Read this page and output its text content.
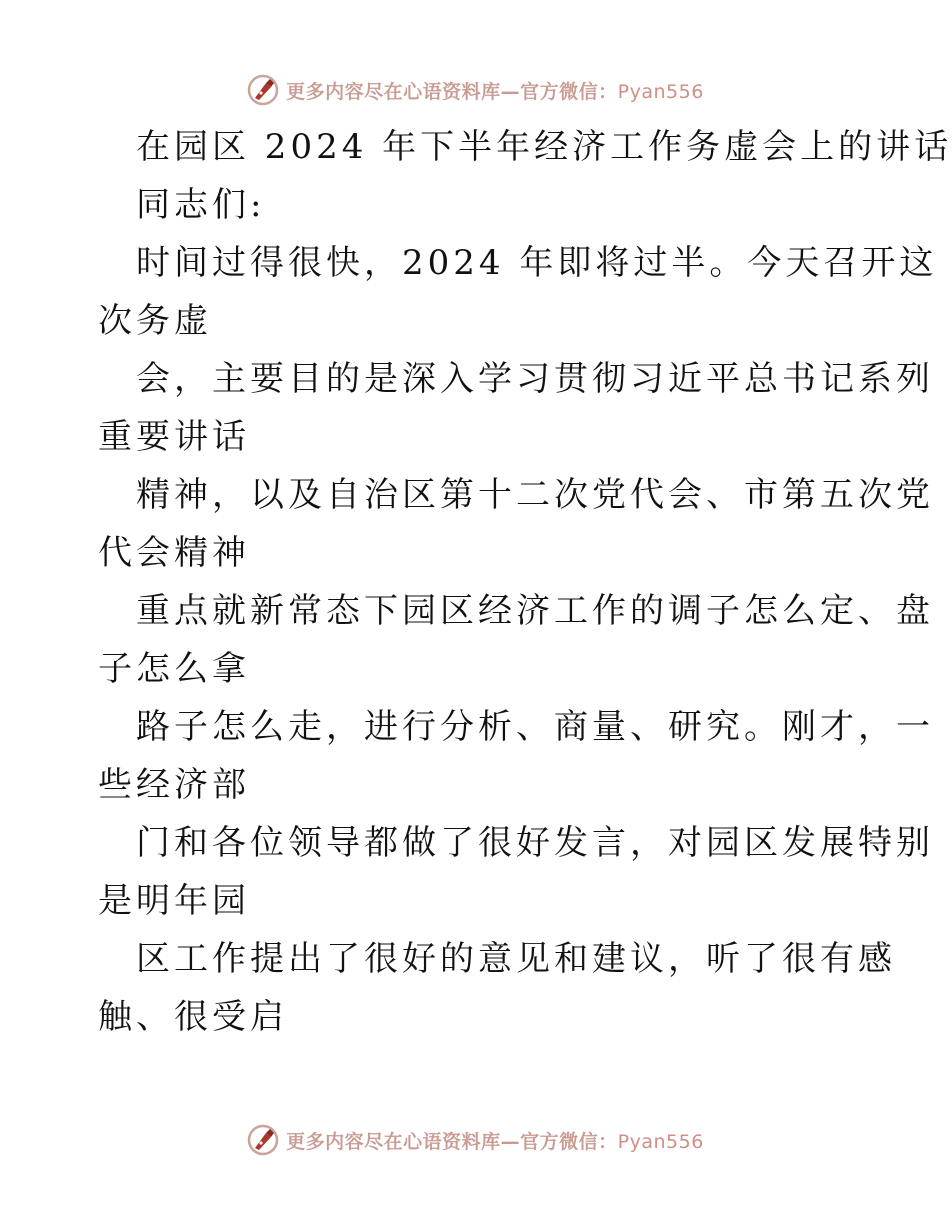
更多内容尽在心语资料库—官方微信：Pyan556
在园区 2024 年下半年经济工作务虚会上的讲话
同志们:
时间过得很快，2024 年即将过半。今天召开这
次务虚
会，主要目的是深入学习贯彻习近平总书记系列
重要讲话
精神，以及自治区第十二次党代会、市第五次党
代会精神
重点就新常态下园区经济工作的调子怎么定、盘
子怎么拿
路子怎么走，进行分析、商量、研究。刚才，一
些经济部
门和各位领导都做了很好发言，对园区发展特别
是明年园
区工作提出了很好的意见和建议，听了很有感
触、很受启
更多内容尽在心语资料库—官方微信：Pyan556
